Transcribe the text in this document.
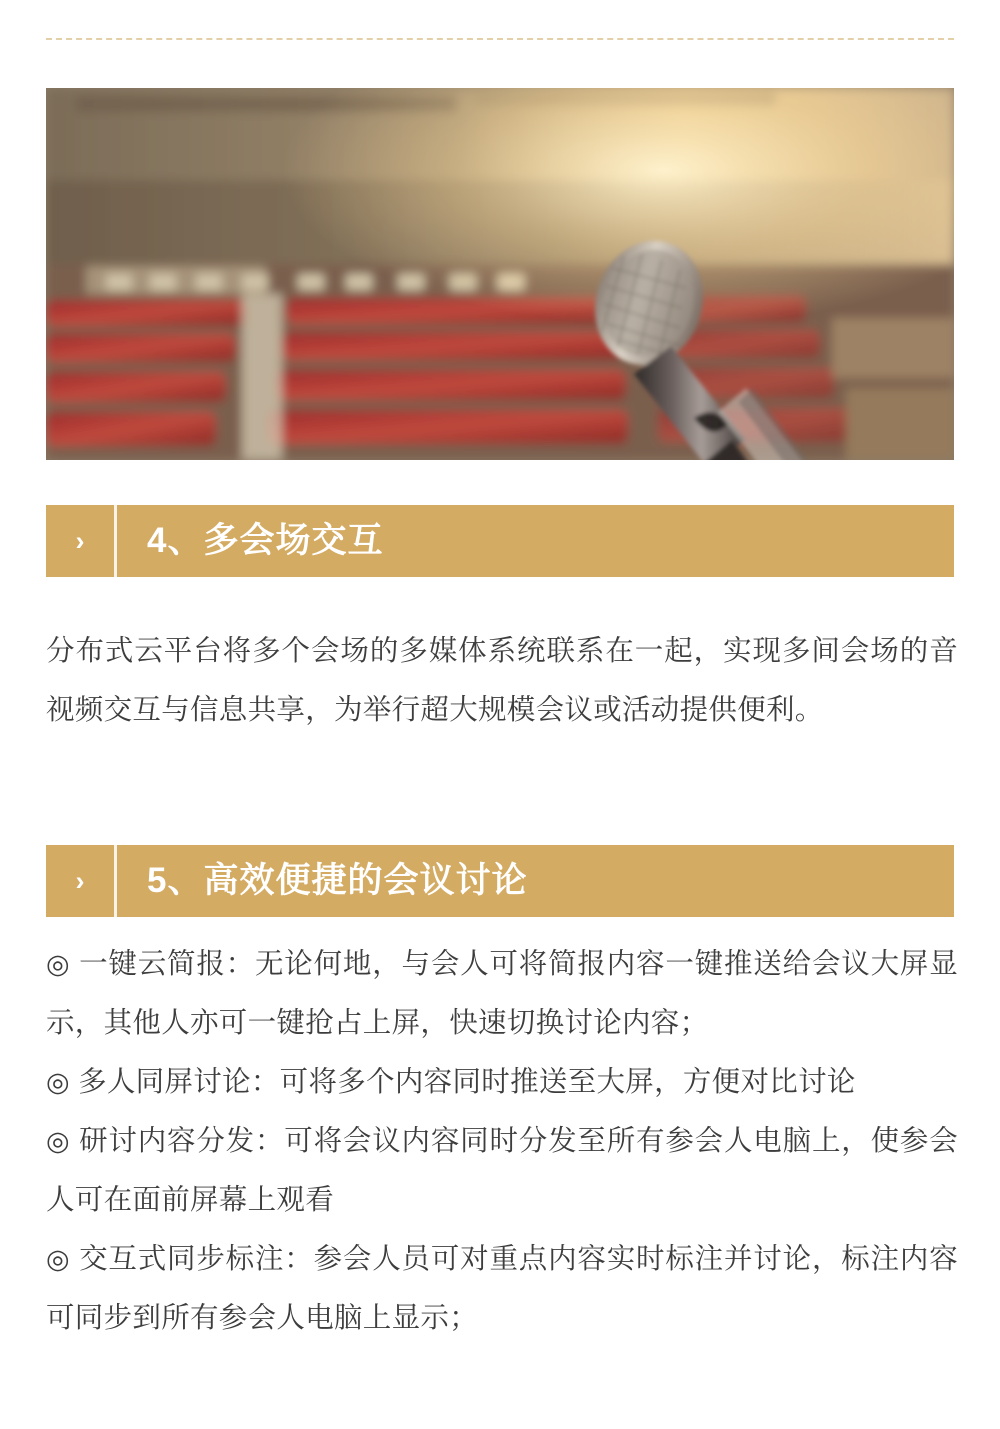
›	4、多会场交互

分布式云平台将多个会场的多媒体系统联系在一起，实现多间会场的音视频交互与信息共享，为举行超大规模会议或活动提供便利。

›	5、高效便捷的会议讨论

◎ 一键云简报：无论何地，与会人可将简报内容一键推送给会议大屏显示，其他人亦可一键抢占上屏，快速切换讨论内容；

◎ 多人同屏讨论：可将多个内容同时推送至大屏，方便对比讨论

◎ 研讨内容分发：可将会议内容同时分发至所有参会人电脑上，使参会人可在面前屏幕上观看

◎ 交互式同步标注：参会人员可对重点内容实时标注并讨论，标注内容可同步到所有参会人电脑上显示；
